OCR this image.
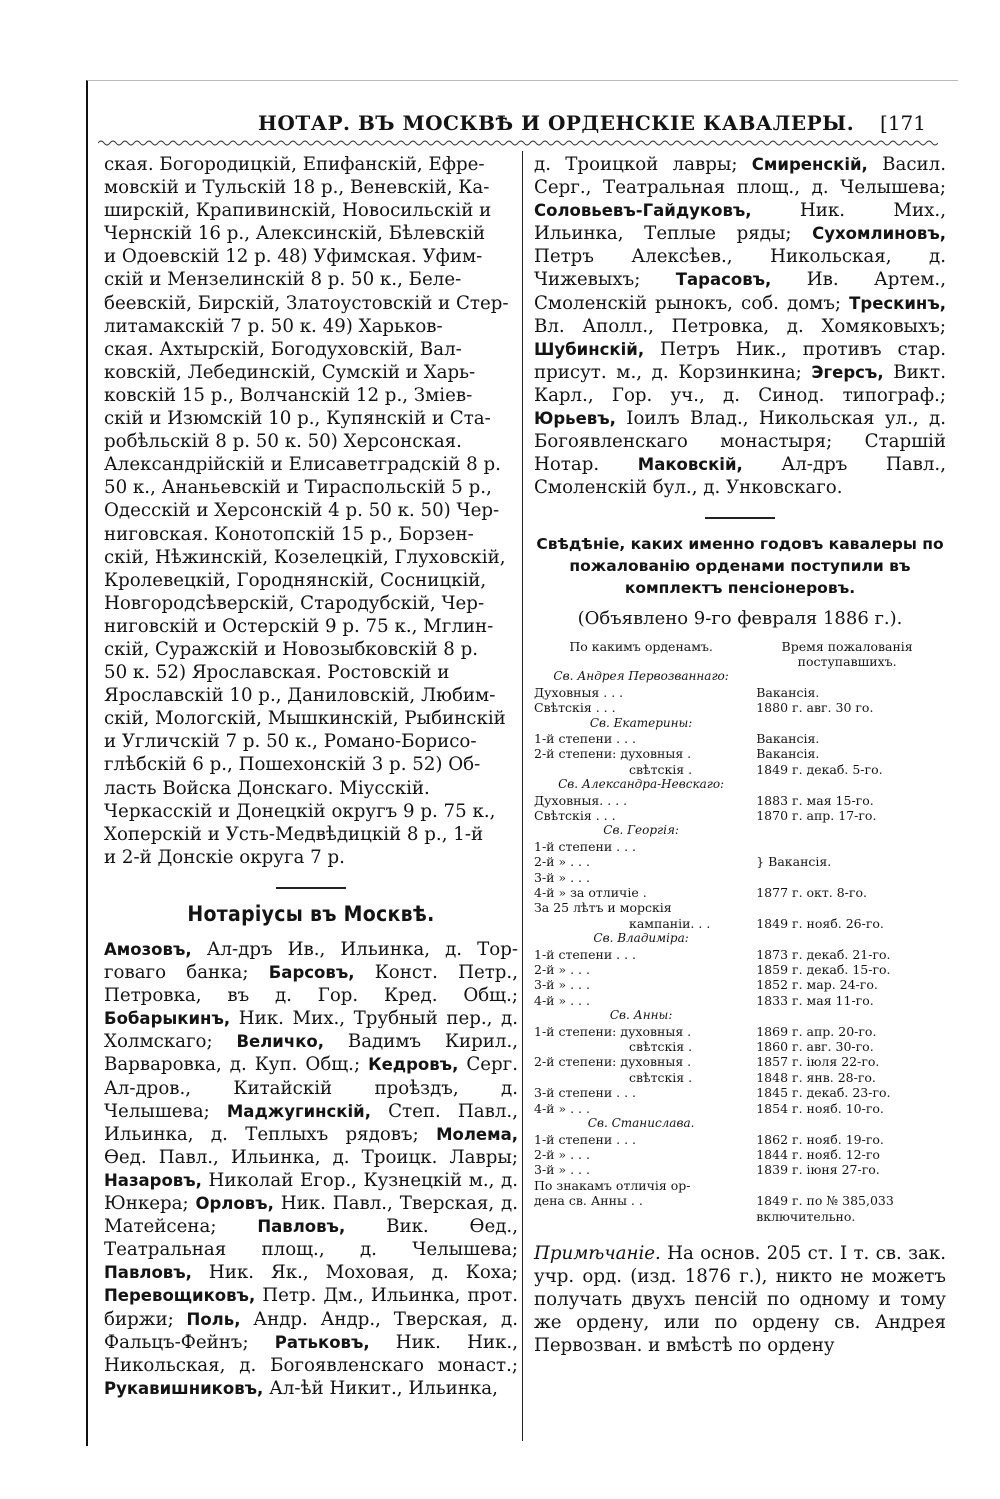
НОТАР. ВЪ МОСКВѢ И ОРДЕНСКІЕ КАВАЛЕРЫ. [171

ская. Богородицкій, Епифанскій, Ефре-
мовскій и Тульскій 18 р., Веневскій, Ка-
ширскій, Крапивинскій, Новосильскій и
Чернскій 16 р., Алексинскій, Бѣлевскій
и Одоевскій 12 р. 48) Уфимская. Уфим-
скій и Мензелинскій 8 р. 50 к., Беле-
беевскій, Бирскій, Златоустовскій и Стер-
литамакскій 7 р. 50 к. 49) Харьков-
ская. Ахтырскій, Богодуховскій, Вал-
ковскій, Лебединскій, Сумскій и Харь-
ковскій 15 р., Волчанскій 12 р., Зміев-
скій и Изюмскій 10 р., Купянскій и Ста-
робѣльскій 8 р. 50 к. 50) Херсонская.
Александрійскій и Елисаветградскій 8 р.
50 к., Ананьевскій и Тираспольскій 5 р.,
Одесскій и Херсонскій 4 р. 50 к. 50) Чер-
ниговская. Конотопскій 15 р., Борзен-
скій, Нѣжинскій, Козелецкій, Глуховскій,
Кролевецкій, Городнянскій, Сосницкій,
Новгородсѣверскій, Стародубскій, Чер-
ниговскій и Остерскій 9 р. 75 к., Мглин-
скій, Суражскій и Новозыбковскій 8 р.
50 к. 52) Ярославская. Ростовскій и
Ярославскій 10 р., Даниловскій, Любим-
скій, Мологскій, Мышкинскій, Рыбинскій
и Угличскій 7 р. 50 к., Романо-Борисо-
глѣбскій 6 р., Пошехонскій 3 р. 52) Об-
ласть Войска Донскаго. Міусскій.
Черкасскій и Донецкій округъ 9 р. 75 к.,
Хоперскій и Усть-Медвѣдицкій 8 р., 1-й
и 2-й Донскіе округа 7 р.

Нотаріусы въ Москвѣ.

Амозовъ, Ал-дръ Ив., Ильинка, д. Тор-говаго банка; Барсовъ, Конст. Петр., Петровка, въ д. Гор. Кред. Общ.; Бобарыкинъ, Ник. Мих., Трубный пер., д. Холмскаго; Величко, Вадимъ Кирил., Варваровка, д. Куп. Общ.; Кедровъ, Серг. Ал-дров., Китайскій проѣздъ, д. Челышева; Маджугинскій, Степ. Павл., Ильинка, д. Теплыхъ рядовъ; Молема, Ѳед. Павл., Ильинка, д. Троицк. Лавры; Назаровъ, Николай Егор., Кузнецкій м., д. Юнкера; Орловъ, Ник. Павл., Тверская, д. Матейсена; Павловъ, Вик. Ѳед., Театральная площ., д. Челышева; Павловъ, Ник. Як., Моховая, д. Коха; Перевощиковъ, Петр. Дм., Ильинка, прот. биржи; Поль, Андр. Андр., Тверская, д. Фальцъ-Фейнъ; Ратьковъ, Ник. Ник., Никольская, д. Богоявленскаго монаст.; Рукавишниковъ, Ал-ѣй Никит., Ильинка,

д. Троицкой лавры; Смиренскій, Васил. Серг., Театральная площ., д. Челышева; Соловьевъ-Гайдуковъ, Ник. Мих., Ильинка, Теплые ряды; Сухомлиновъ, Петръ Алексѣев., Никольская, д. Чижевыхъ; Тарасовъ, Ив. Артем., Смоленскій рынокъ, соб. домъ; Трескинъ, Вл. Аполл., Петровка, д. Хомяковыхъ; Шубинскій, Петръ Ник., противъ стар. присут. м., д. Корзинкина; Эгерсъ, Викт. Карл., Гор. уч., д. Синод. типограф.; Юрьевъ, Іоилъ Влад., Никольская ул., д. Богоявленскаго монастыря; Старшій Нотар. Маковскій, Ал-дръ Павл., Смоленскій бул., д. Унковскаго.

Свѣдѣніе, каких именно годовъ кавалеры по пожалованію орденами поступили въ комплектъ пенсіонеровъ.
(Объявлено 9-го февраля 1886 г.).
По какимъ орденамъ.	Время пожалованія поступавшихъ.
Св. Андрея Первозваннаго:	
Духовныя . . .	Вакансія.
Свѣтскія . . .	1880 г. авг. 30 го.
Св. Екатерины:	
1-й степени . . .	Вакансія.
2-й степени: духовныя .	Вакансія.
свѣтскія .	1849 г. декаб. 5-го.
Св. Александра-Невскаго:	
Духовныя. . . .	1883 г. мая 15-го.
Свѣтскія . . .	1870 г. апр. 17-го.
Св. Георгія:	
1-й степени . . .	
2-й » . . .	} Вакансія.
3-й » . . .	
4-й » за отличіе .	1877 г. окт. 8-го.
За 25 лѣтъ и морскія	
кампаніи. . .	1849 г. нояб. 26-го.
Св. Владиміра:	
1-й степени . . .	1873 г. декаб. 21-го.
2-й » . . .	1859 г. декаб. 15-го.
3-й » . . .	1852 г. мар. 24-го.
4-й » . . .	1833 г. мая 11-го.
Св. Анны:	
1-й степени: духовныя .	1869 г. апр. 20-го.
свѣтскія .	1860 г. авг. 30-го.
2-й степени: духовныя .	1857 г. іюля 22-го.
свѣтскія .	1848 г. янв. 28-го.
3-й степени . . .	1845 г. декаб. 23-го.
4-й » . . .	1854 г. нояб. 10-го.
Св. Станислава.	
1-й степени . . .	1862 г. нояб. 19-го.
2-й » . . .	1844 г. нояб. 12-го
3-й » . . .	1839 г. іюня 27-го.
По знакамъ отличія ор-	
дена св. Анны . .	1849 г. по № 385,033
	включительно.

Примѣчаніе. На основ. 205 ст. I т. св. зак. учр. орд. (изд. 1876 г.), никто не можетъ получать двухъ пенсій по одному и тому же ордену, или по ордену св. Андрея Первозван. и вмѣстѣ по ордену
